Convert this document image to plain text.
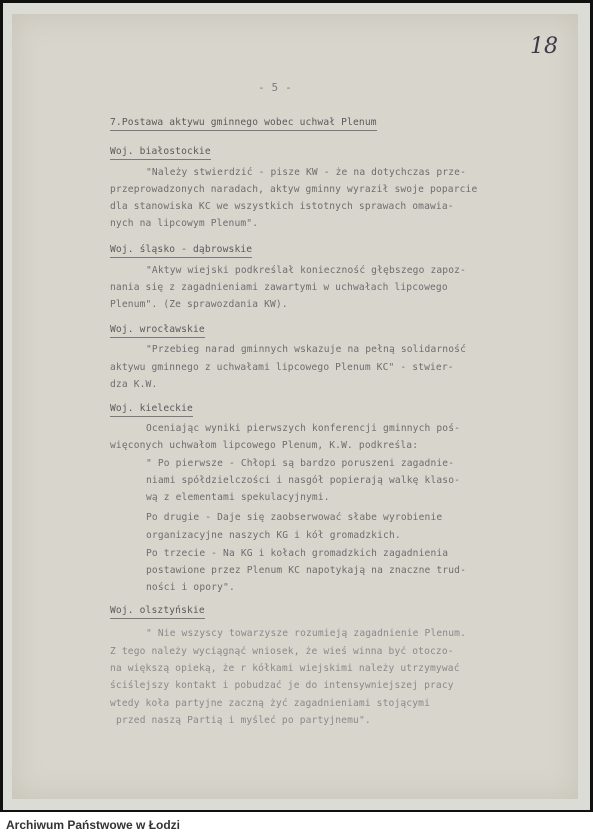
18
- 5 -
7.Postawa aktywu gminnego wobec uchwał Plenum
Woj. białostockie
"Należy stwierdzić - pisze KW - że na dotychczas prze-
przeprowadzonych naradach, aktyw gminny wyraził swoje poparcie
dla stanowiska KC we wszystkich istotnych sprawach omawia-
nych na lipcowym Plenum".
Woj. śląsko - dąbrowskie
"Aktyw wiejski podkreślał konieczność głębszego zapoz-
nania się z zagadnieniami zawartymi w uchwałach lipcowego
Plenum". (Ze sprawozdania KW).
Woj. wrocławskie
"Przebieg narad gminnych wskazuje na pełną solidarność
aktywu gminnego z uchwałami lipcowego Plenum KC" - stwier-
dza K.W.
Woj. kieleckie
Oceniając wyniki pierwszych konferencji gminnych poś-
więconych uchwałom lipcowego Plenum, K.W. podkreśla:
" Po pierwsze - Chłopi są bardzo poruszeni zagadnie-
niami spółdzielczości i nasgół popierają walkę klaso-
wą z elementami spekulacyjnymi.
Po drugie - Daje się zaobserwować słabe wyrobienie
organizacyjne naszych KG i kół gromadzkich.
Po trzecie - Na KG i kołach gromadzkich zagadnienia
postawione przez Plenum KC napotykają na znaczne trud-
ności i opory".
Woj. olsztyńskie
" Nie wszyscy towarzysze rozumieją zagadnienie Plenum.
Z tego należy wyciągnąć wniosek, że wieś winna być otoczo-
na większą opieką, że r kółkami wiejskimi należy utrzymywać
ściślejszy kontakt i pobudzać je do intensywniejszej pracy
wtedy koła partyjne zaczną żyć zagadnieniami stojącymi
przed naszą Partią i myśleć po partyjnemu".
Archiwum Państwowe w Łodzi
